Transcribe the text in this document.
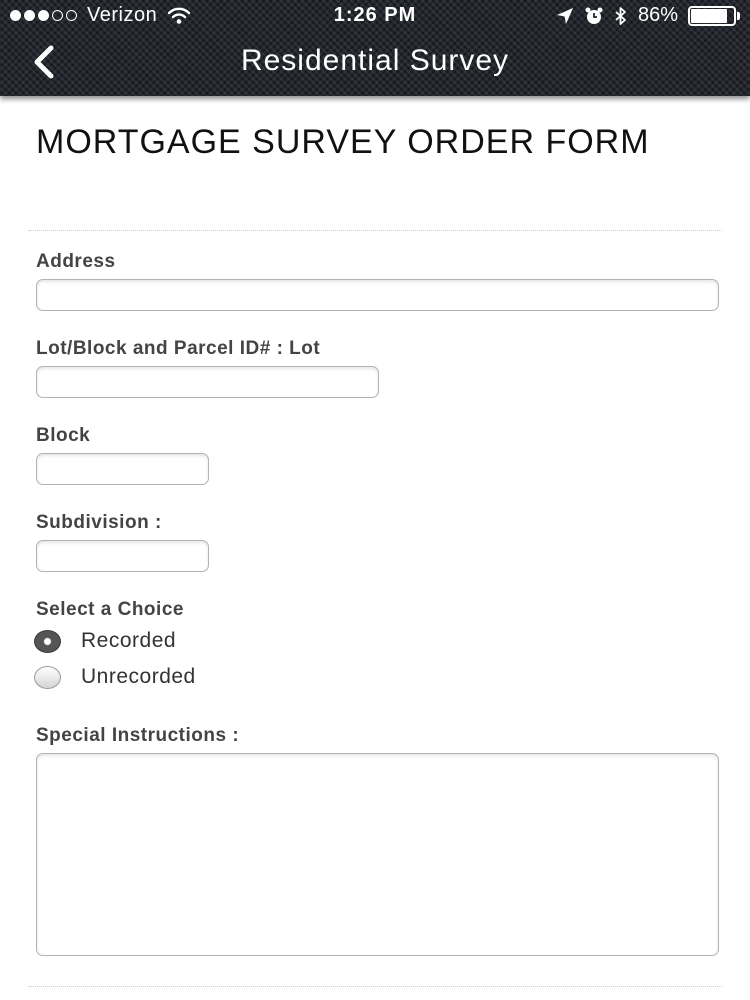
Verizon	1:26 PM	86%
Residential Survey
MORTGAGE SURVEY ORDER FORM
Address
Lot/Block and Parcel ID# : Lot
Block
Subdivision :
Select a Choice
Recorded
Unrecorded
Special Instructions :
